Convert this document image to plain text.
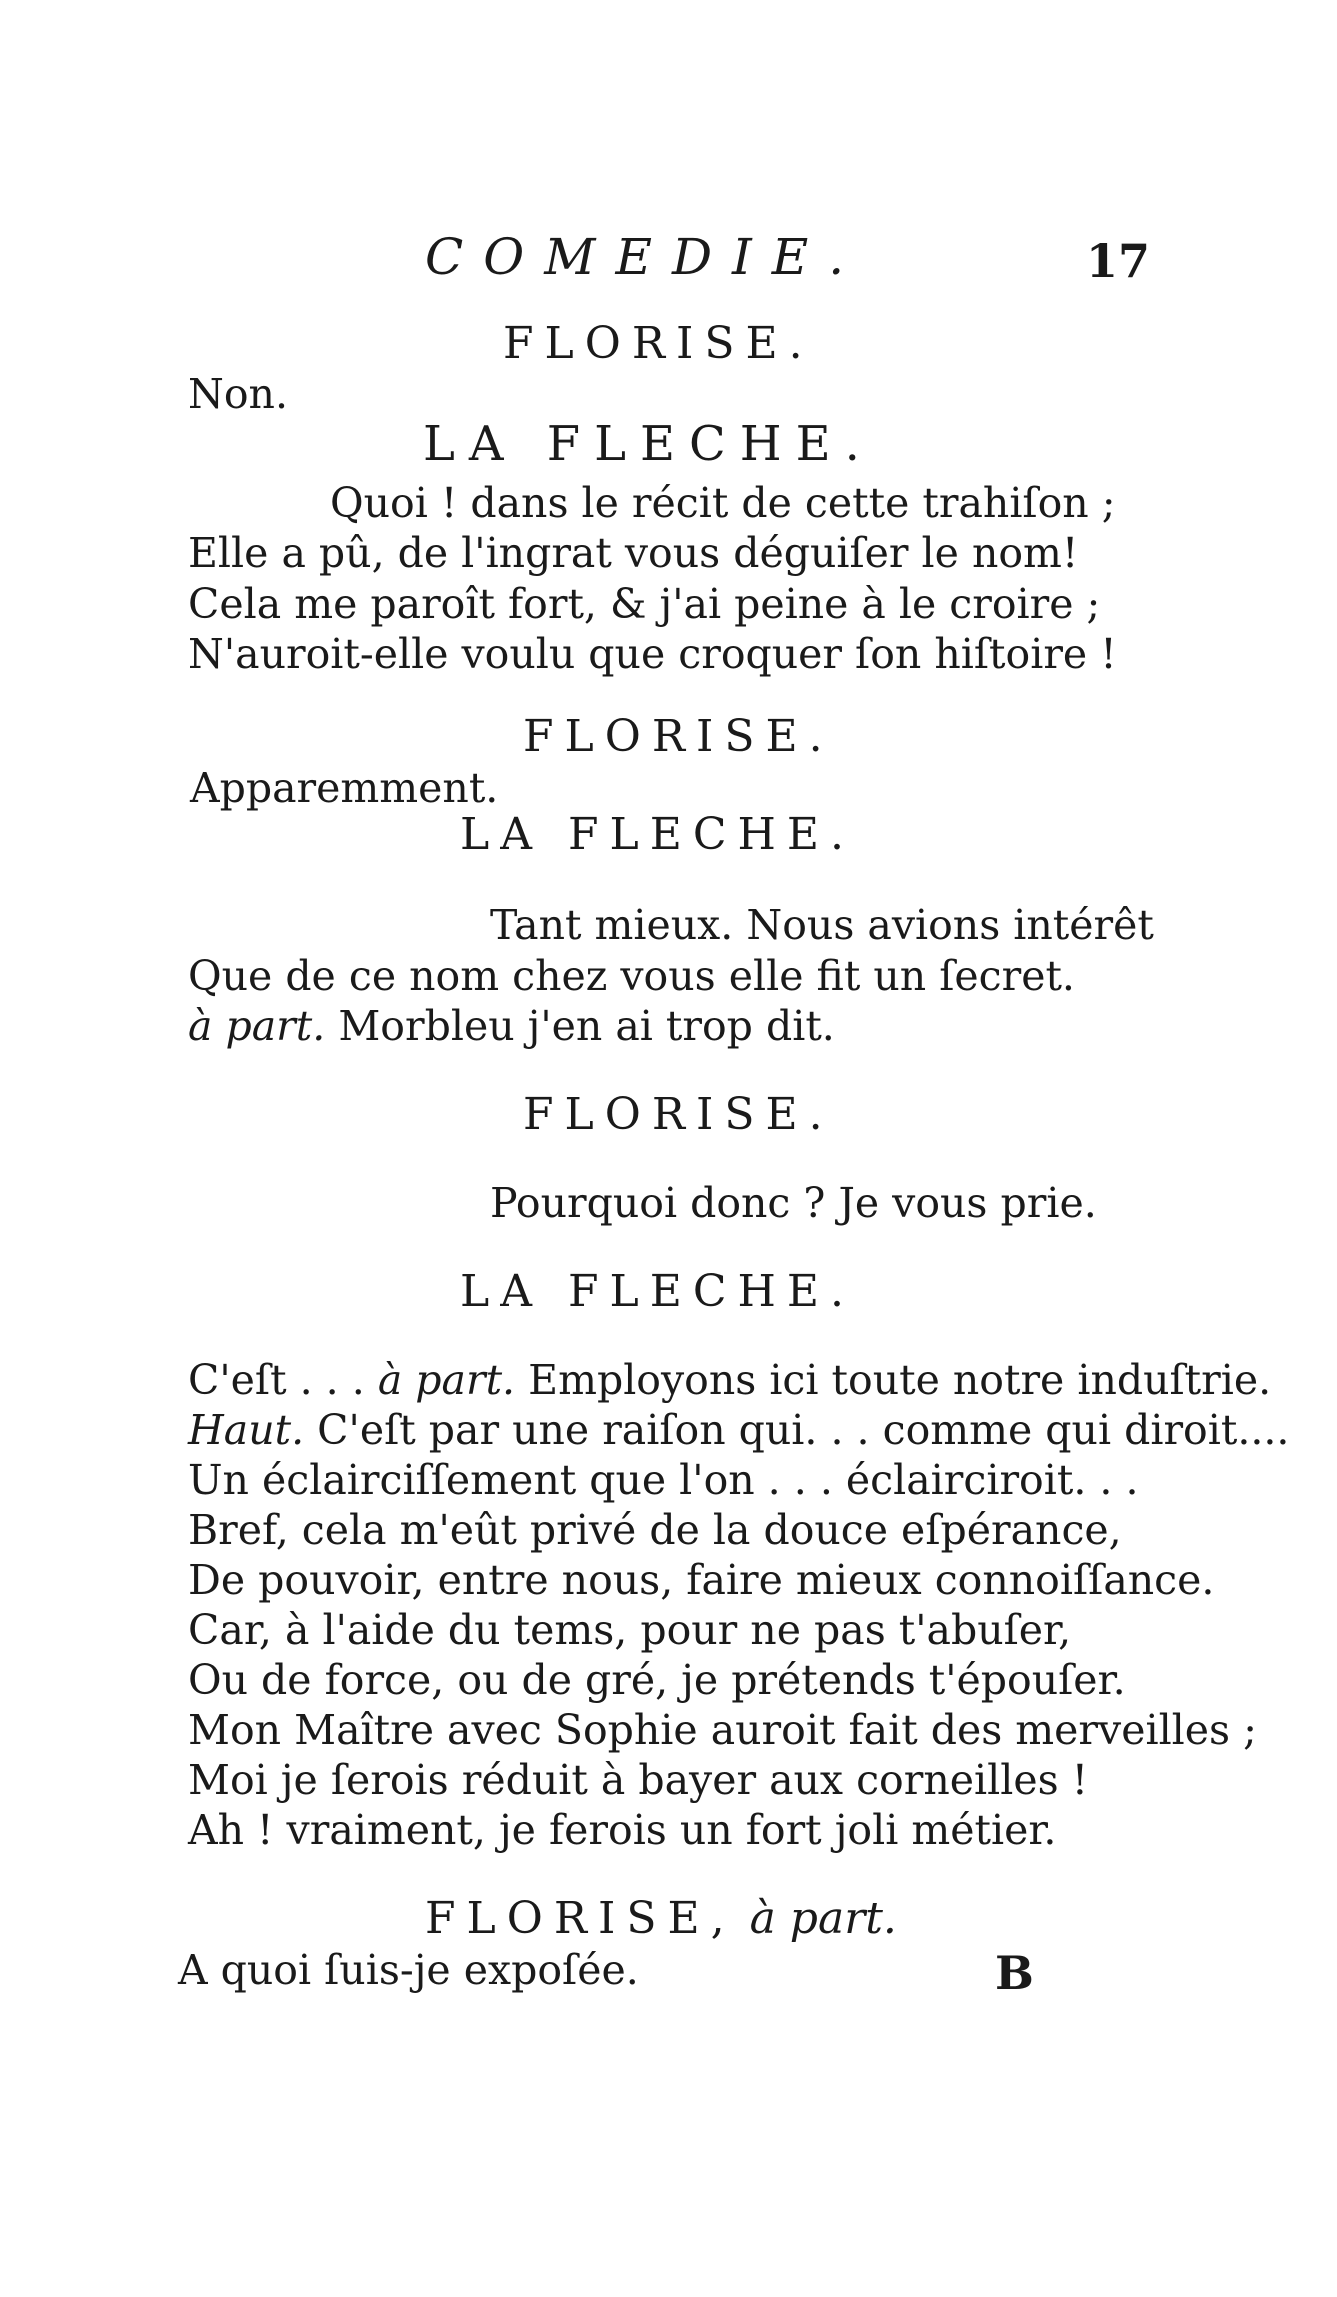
COMEDIE.	17
FLORISE.
Non.
LA FLECHE.
Quoi ! dans le récit de cette trahiſon ;
Elle a pû, de l'ingrat vous déguiſer le nom!
Cela me paroît fort, & j'ai peine à le croire ;
N'auroit-elle voulu que croquer ſon hiſtoire !
FLORISE.
Apparemment.
LA FLECHE.
Tant mieux. Nous avions intérêt
Que de ce nom chez vous elle fit un ſecret.
à part. Morbleu j'en ai trop dit.
FLORISE.
Pourquoi donc ? Je vous prie.
LA FLECHE.
C'eſt . . . à part. Employons ici toute notre induſtrie.
Haut. C'eſt par une raiſon qui. . . comme qui diroit....
Un éclairciſſement que l'on . . . éclairciroit. . .
Bref, cela m'eût privé de la douce eſpérance,
De pouvoir, entre nous, faire mieux connoiſſance.
Car, à l'aide du tems, pour ne pas t'abuſer,
Ou de force, ou de gré, je prétends t'épouſer.
Mon Maître avec Sophie auroit fait des merveilles ;
Moi je ſerois réduit à bayer aux corneilles !
Ah ! vraiment, je ferois un fort joli métier.
FLORISE, à part.
A quoi ſuis-je expoſée.	B
